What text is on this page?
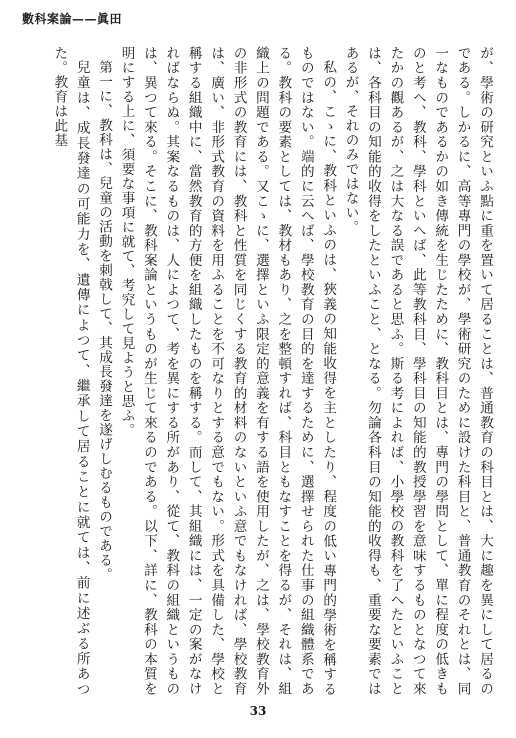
數科案論——眞田

が、學術の研究といふ點に重を置いて居ることは、普通教育の科目とは、大に趣を異にして居るのである。しかるに、高等專門の學校が、學術研究のために設けた科目と、普通教育のそれとは、同一なものであるかの如き傳統を生じたために、教科目とは、專門の學問として、單に程度の低きものと考へ、教科、學科といへば、此等教科目、學科目の知能的教授學習を意味するものとなつて來たかの觀あるが、之は大なる誤であると思ふ。斯る考によれば、小學校の教科を了へたといふことは、各科目の知能的收得をしたといふこと、となる。勿論各科目の知能的收得も、重要な要素ではあるが、それのみではない。

私の、こゝに、教科といふのは、狹義の知能收得を主としたり、程度の低い專門的學術を稱するものではない。端的に云へば、學校教育の目的を達するために、選擇せられた仕事の組織體系である。教科の要素としては、教材もあり、之を整頓すれば、科目ともなすことを得るが、それは、組織上の問題である。又こゝに、選擇といふ限定的意義を有する語を使用したが、之は、學校教育外の非形式の教育には、教科と性質を同じくする教育的材料のないといふ意でもなければ、學校教育は、廣い、非形式教育の資料を用ふることを不可なりとする意でもない。形式を具備した、學校と稱する組織中に、當然教育的方便を組織したものを稱する。而して、其組織には、一定の案がなければならぬ。其案なるものは、人によつて、考を異にする所があり、從て、教科の組織というものは、異つて來る。そこに、教科案論というものが生じて來るのである。以下、詳に、教科の本質を明にする上に、須要な事項に就て、考究して見ようと思ふ。

第一に、教科は、兒童の活動を刺戟して、其成長發達を遂げしむるものである。

兒童は、成長發達の可能力を、遺傳によつて、繼承して居ることに就ては、前に述ぶる所あつた。教育は此基

33
